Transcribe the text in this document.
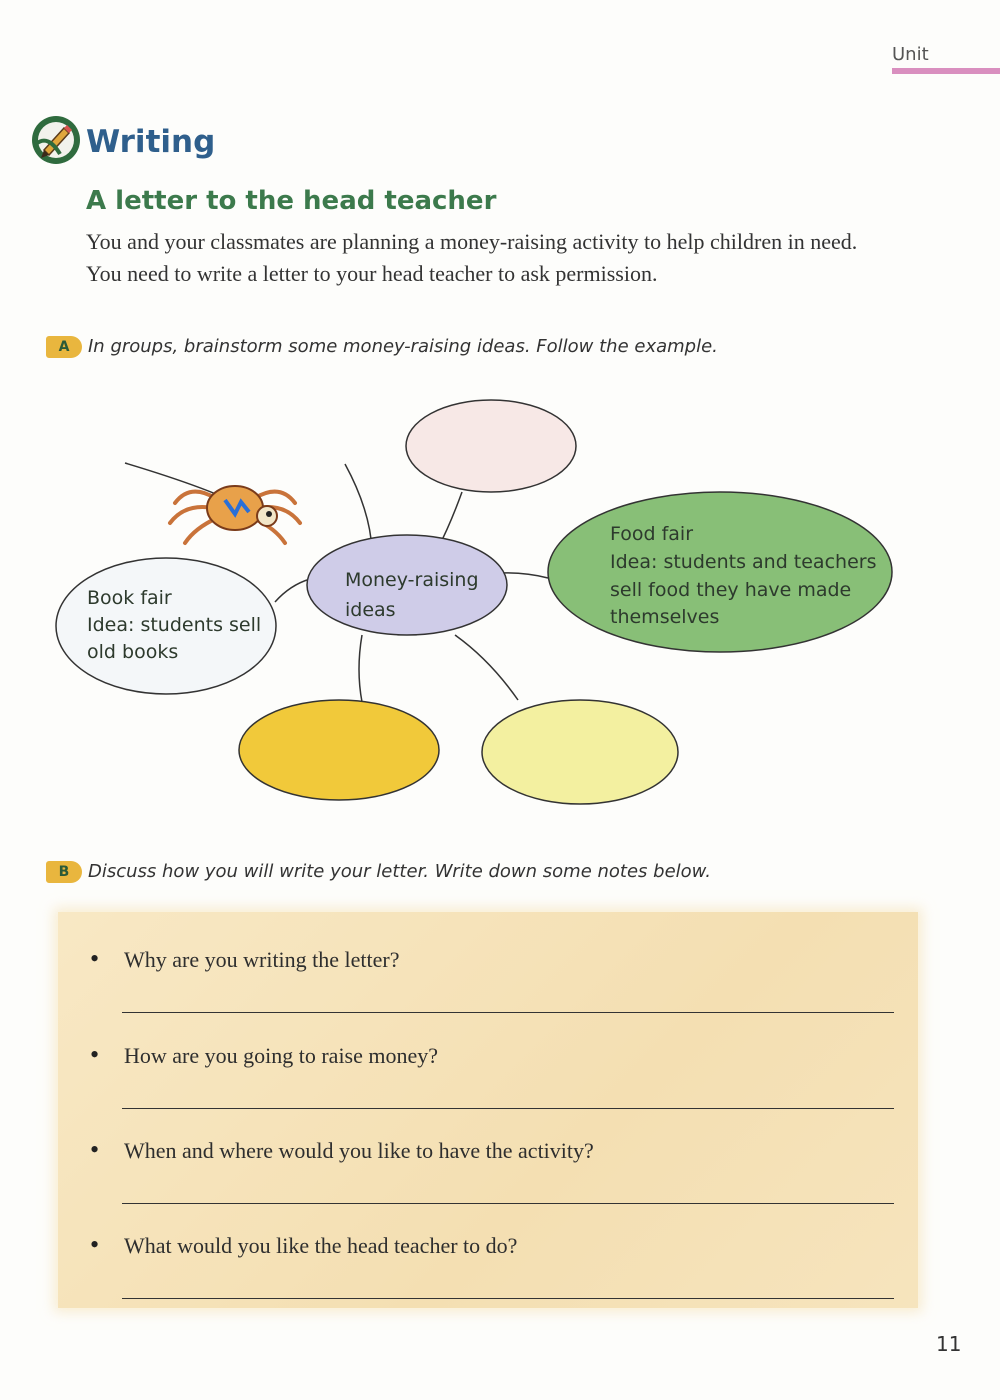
Unit
Writing
A letter to the head teacher
You and your classmates are planning a money-raising activity to help children in need. You need to write a letter to your head teacher to ask permission.
A In groups, brainstorm some money-raising ideas. Follow the example.
Money-raising
ideas
Food fair
Idea: students and teachers
sell food they have made
themselves
Book fair
Idea: students sell
old books
B Discuss how you will write your letter. Write down some notes below.
• Why are you writing the letter?
• How are you going to raise money?
• When and where would you like to have the activity?
• What would you like the head teacher to do?
11
